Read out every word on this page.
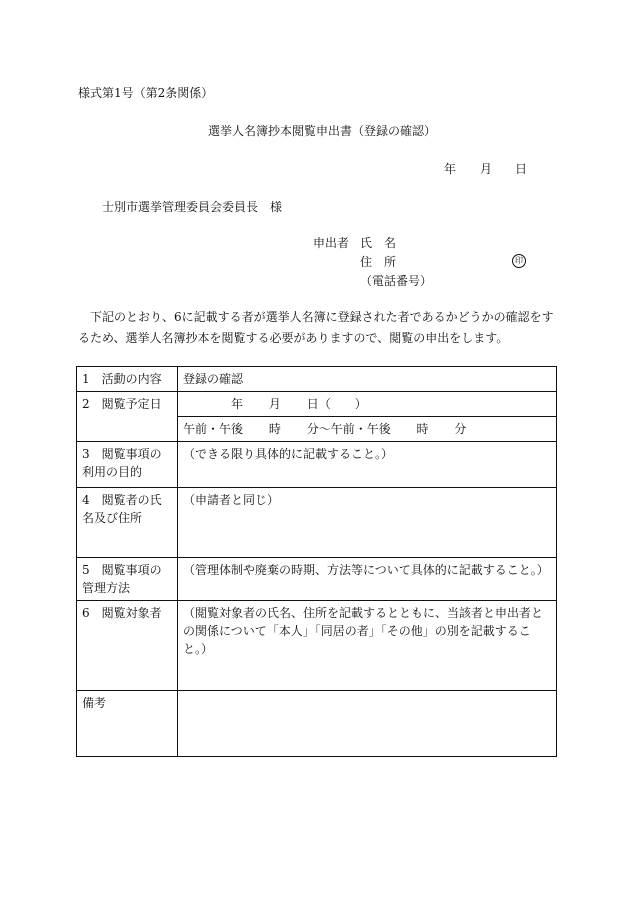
様式第1号（第2条関係）
選挙人名簿抄本閲覧申出書（登録の確認）
年 月 日
士別市選挙管理委員会委員長　様
申出者 氏　名
住　所	印
（電話番号）
下記のとおり、6に記載する者が選挙人名簿に登録された者であるかどうかの確認をするため、選挙人名簿抄本を閲覧する必要がありますので、閲覧の申出をします。
1　活動の内容	登録の確認
2　閲覧予定日	年 月 日（　　）
	午前・午後 時 分～午前・午後 時 分
3　閲覧事項の利用の目的	（できる限り具体的に記載すること。）
4　閲覧者の氏名及び住所	（申請者と同じ）
5　閲覧事項の管理方法	（管理体制や廃棄の時期、方法等について具体的に記載すること。）
6　閲覧対象者	（閲覧対象者の氏名、住所を記載するとともに、当該者と申出者との関係について「本人」「同居の者」「その他」の別を記載すること。）
備考	
